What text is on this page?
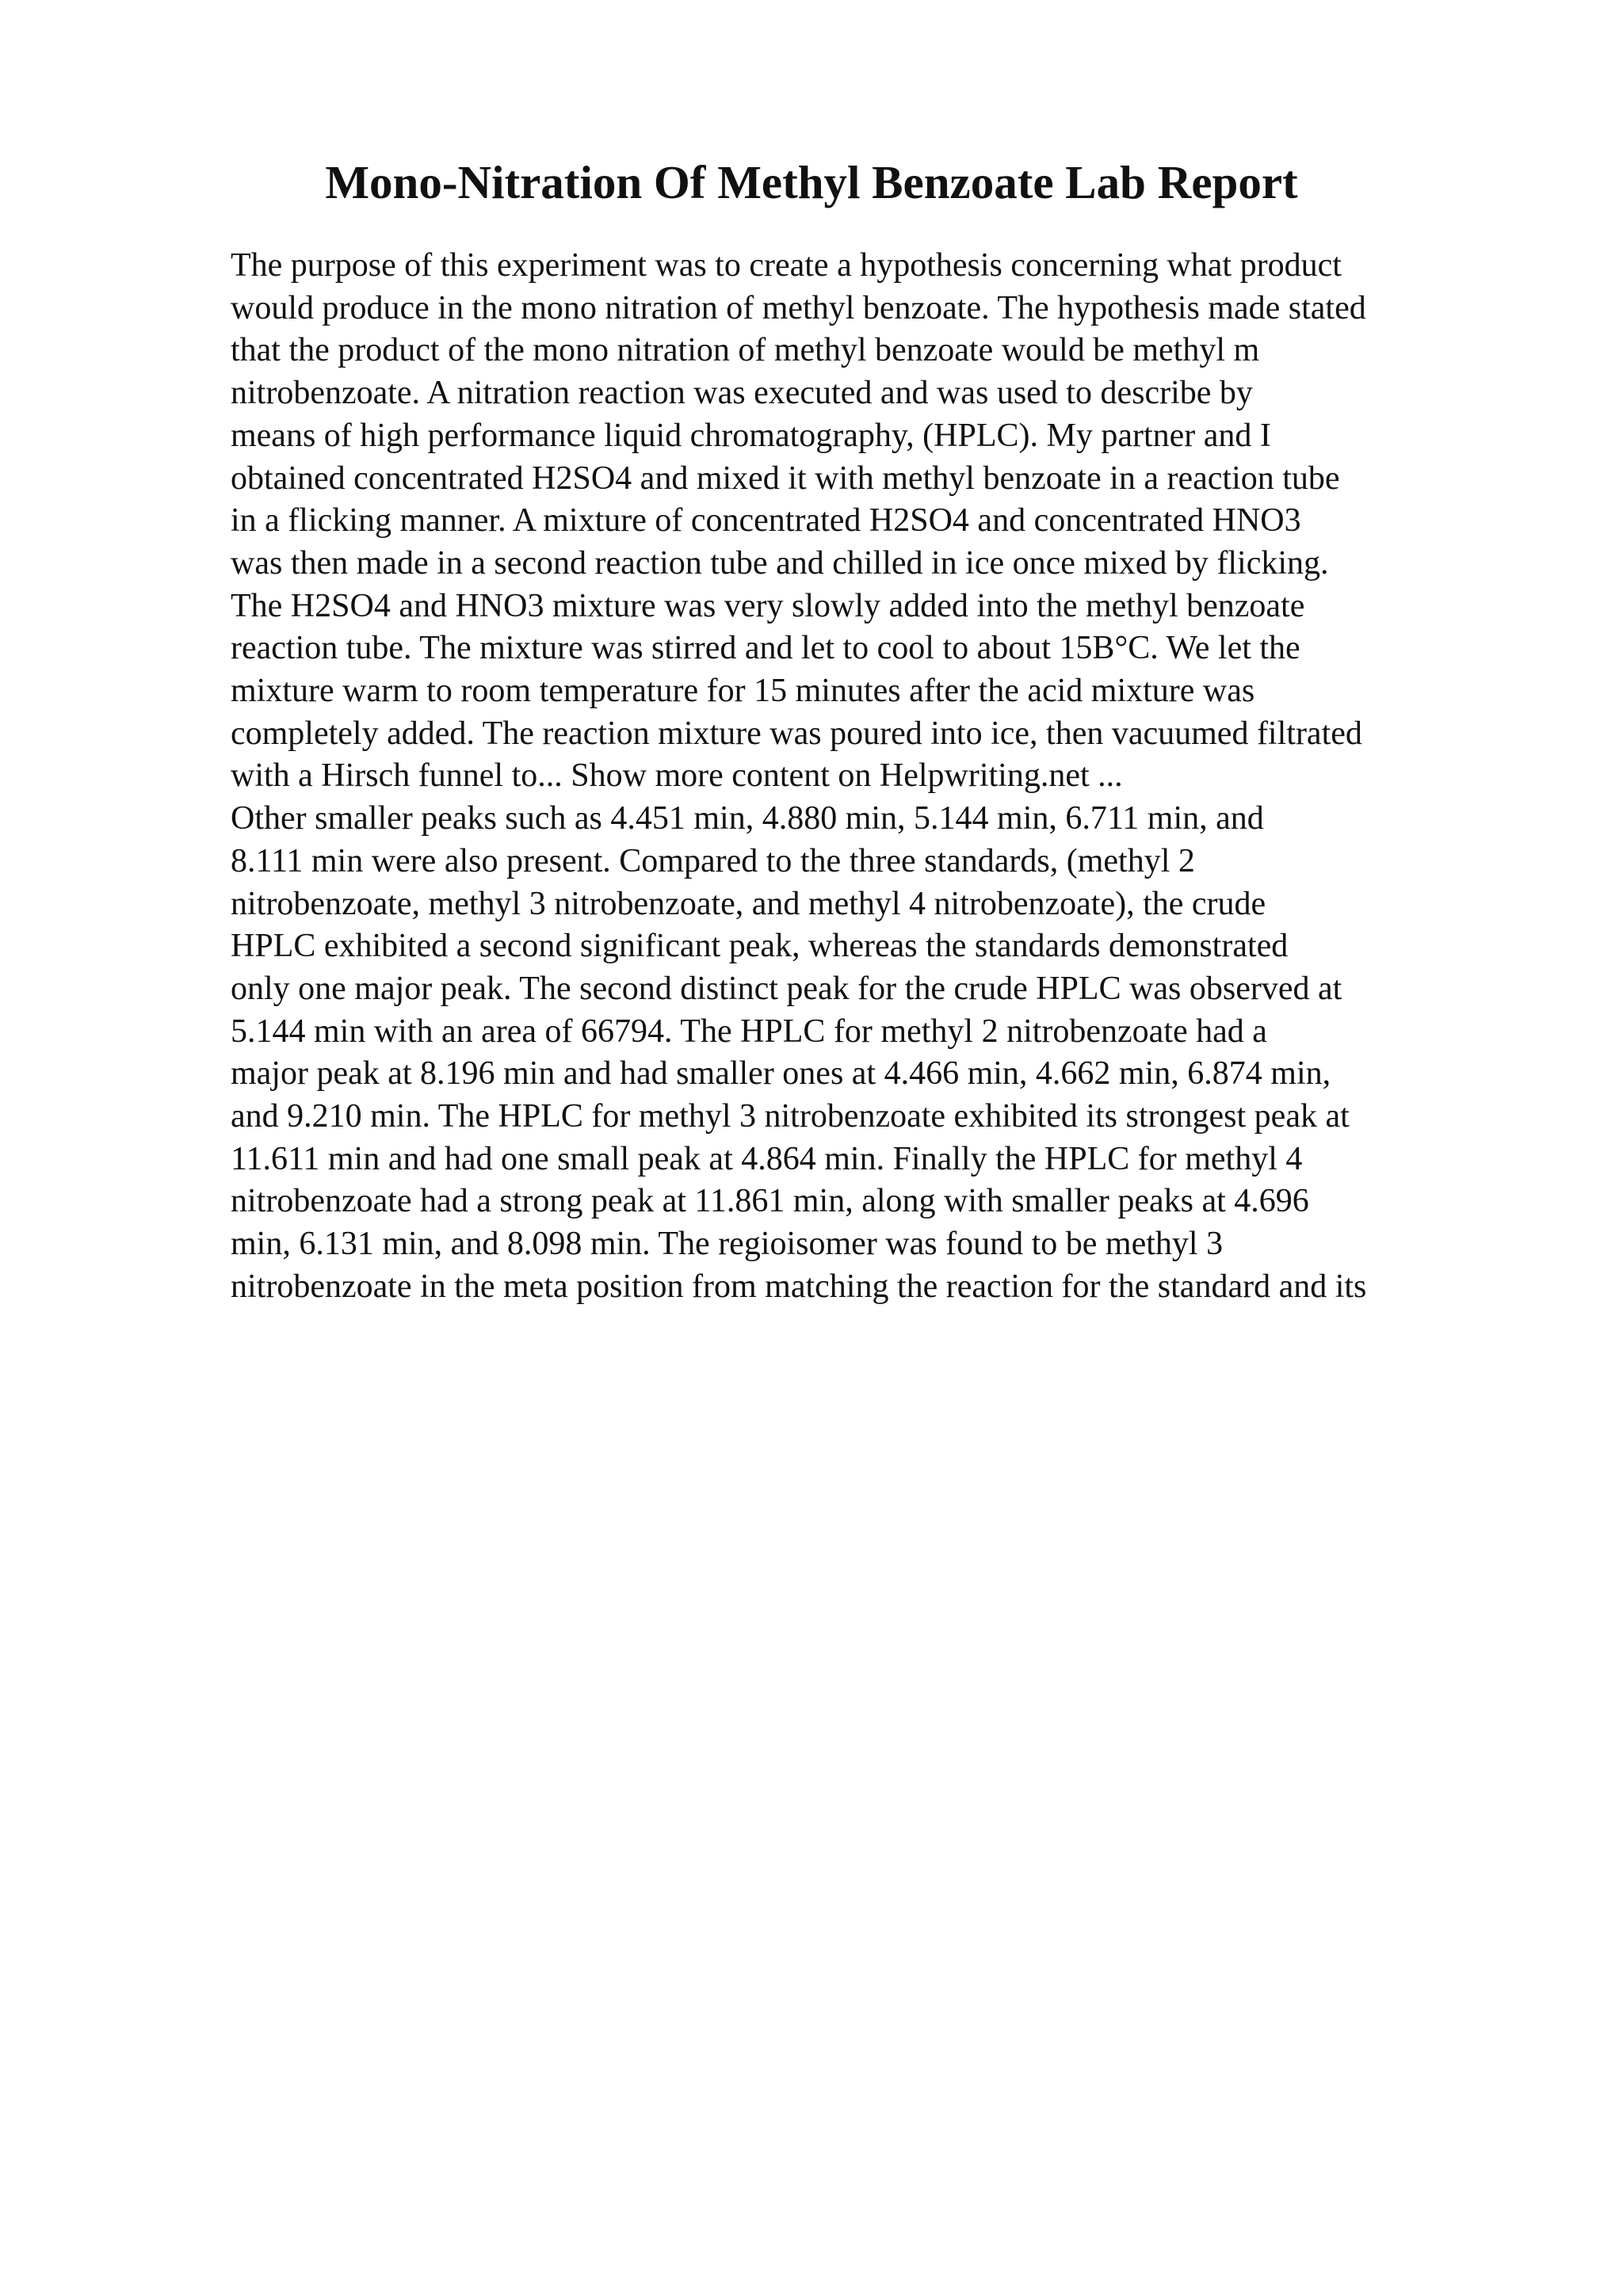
Mono-Nitration Of Methyl Benzoate Lab Report
The purpose of this experiment was to create a hypothesis concerning what product
would produce in the mono nitration of methyl benzoate. The hypothesis made stated
that the product of the mono nitration of methyl benzoate would be methyl m
nitrobenzoate. A nitration reaction was executed and was used to describe by
means of high performance liquid chromatography, (HPLC). My partner and I
obtained concentrated H2SO4 and mixed it with methyl benzoate in a reaction tube
in a flicking manner. A mixture of concentrated H2SO4 and concentrated HNO3
was then made in a second reaction tube and chilled in ice once mixed by flicking.
The H2SO4 and HNO3 mixture was very slowly added into the methyl benzoate
reaction tube. The mixture was stirred and let to cool to about 15B°C. We let the
mixture warm to room temperature for 15 minutes after the acid mixture was
completely added. The reaction mixture was poured into ice, then vacuumed filtrated
with a Hirsch funnel to... Show more content on Helpwriting.net ...
Other smaller peaks such as 4.451 min, 4.880 min, 5.144 min, 6.711 min, and
8.111 min were also present. Compared to the three standards, (methyl 2
nitrobenzoate, methyl 3 nitrobenzoate, and methyl 4 nitrobenzoate), the crude
HPLC exhibited a second significant peak, whereas the standards demonstrated
only one major peak. The second distinct peak for the crude HPLC was observed at
5.144 min with an area of 66794. The HPLC for methyl 2 nitrobenzoate had a
major peak at 8.196 min and had smaller ones at 4.466 min, 4.662 min, 6.874 min,
and 9.210 min. The HPLC for methyl 3 nitrobenzoate exhibited its strongest peak at
11.611 min and had one small peak at 4.864 min. Finally the HPLC for methyl 4
nitrobenzoate had a strong peak at 11.861 min, along with smaller peaks at 4.696
min, 6.131 min, and 8.098 min. The regioisomer was found to be methyl 3
nitrobenzoate in the meta position from matching the reaction for the standard and its
